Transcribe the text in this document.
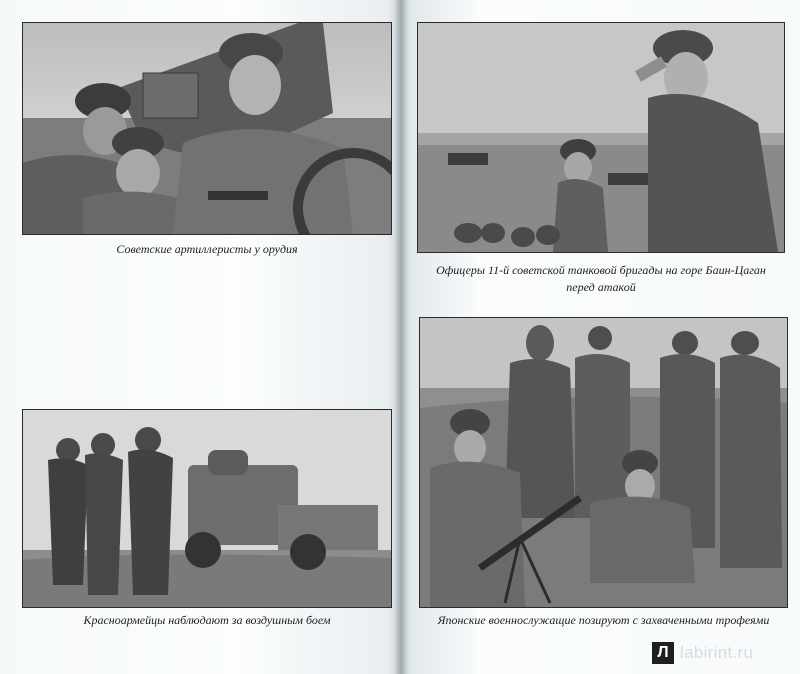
Советские артиллеристы у орудия
Офицеры 11-й советской танковой бригады на горе Баин-Цаган
перед атакой
Красноармейцы наблюдают за воздушным боем	Японские военнослужащие позируют с захваченными трофеями
Л labirint.ru
